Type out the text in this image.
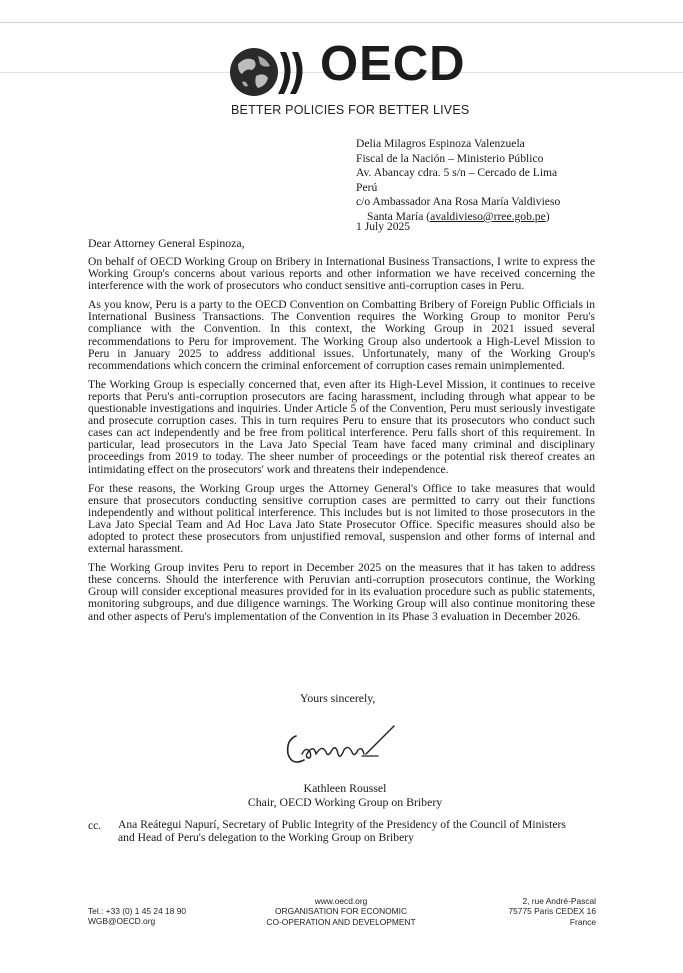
OECD
BETTER POLICIES FOR BETTER LIVES
Delia Milagros Espinoza Valenzuela
Fiscal de la Nación – Ministerio Público
Av. Abancay cdra. 5 s/n – Cercado de Lima
Perú
c/o Ambassador Ana Rosa María Valdivieso
Santa María (avaldivieso@rree.gob.pe)
1 July 2025
Dear Attorney General Espinoza,

On behalf of OECD Working Group on Bribery in International Business Transactions, I write to express the Working Group's concerns about various reports and other information we have received concerning the interference with the work of prosecutors who conduct sensitive anti-corruption cases in Peru.

As you know, Peru is a party to the OECD Convention on Combatting Bribery of Foreign Public Officials in International Business Transactions. The Convention requires the Working Group to monitor Peru's compliance with the Convention. In this context, the Working Group in 2021 issued several recommendations to Peru for improvement. The Working Group also undertook a High-Level Mission to Peru in January 2025 to address additional issues. Unfortunately, many of the Working Group's recommendations which concern the criminal enforcement of corruption cases remain unimplemented.

The Working Group is especially concerned that, even after its High-Level Mission, it continues to receive reports that Peru's anti-corruption prosecutors are facing harassment, including through what appear to be questionable investigations and inquiries. Under Article 5 of the Convention, Peru must seriously investigate and prosecute corruption cases. This in turn requires Peru to ensure that its prosecutors who conduct such cases can act independently and be free from political interference. Peru falls short of this requirement. In particular, lead prosecutors in the Lava Jato Special Team have faced many criminal and disciplinary proceedings from 2019 to today. The sheer number of proceedings or the potential risk thereof creates an intimidating effect on the prosecutors' work and threatens their independence.

For these reasons, the Working Group urges the Attorney General's Office to take measures that would ensure that prosecutors conducting sensitive corruption cases are permitted to carry out their functions independently and without political interference. This includes but is not limited to those prosecutors in the Lava Jato Special Team and Ad Hoc Lava Jato State Prosecutor Office. Specific measures should also be adopted to protect these prosecutors from unjustified removal, suspension and other forms of internal and external harassment.

The Working Group invites Peru to report in December 2025 on the measures that it has taken to address these concerns. Should the interference with Peruvian anti-corruption prosecutors continue, the Working Group will consider exceptional measures provided for in its evaluation procedure such as public statements, monitoring subgroups, and due diligence warnings. The Working Group will also continue monitoring these and other aspects of Peru's implementation of the Convention in its Phase 3 evaluation in December 2026.

Yours sincerely,
Kathleen Roussel
Chair, OECD Working Group on Bribery
cc. Ana Reátegui Napurí, Secretary of Public Integrity of the Presidency of the Council of Ministers
and Head of Peru's delegation to the Working Group on Bribery
Tel.: +33 (0) 1 45 24 18 90
WGB@OECD.org
www.oecd.org
ORGANISATION FOR ECONOMIC
CO-OPERATION AND DEVELOPMENT
2, rue André-Pascal
75775 Paris CEDEX 16
France
